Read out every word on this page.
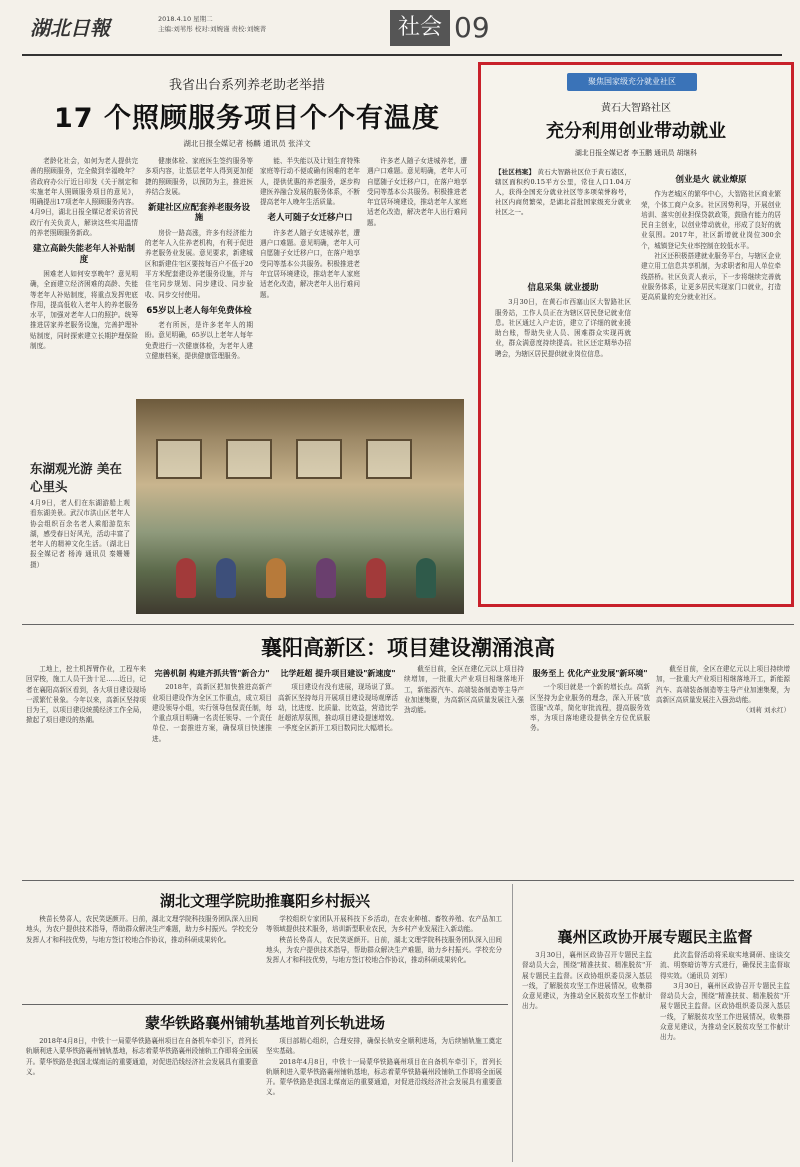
湖北日報	2018.4.10 星期二
主编:刘苇彤 校对:刘婉谨 责校:刘婉菁	社会 09
我省出台系列养老助老举措
17 个照顾服务项目个个有温度
湖北日报全媒记者 杨麟 通讯员 张洋文

老龄化社会，如何为老人提供完善的照顾服务，完全做到幸福晚年？省政府办公厅近日印发《关于制定和实施老年人照顾服务项目的意见》，明确提出17项老年人照顾服务内容。4月9日，湖北日报全媒记者采访省民政厅有关负责人，解读这些实用温情的养老照顾服务新政。

建立高龄失能老年人补贴制度

困难老人如何安享晚年？意见明确，全面建立经济困难的高龄、失能等老年人补贴制度，将重点发挥兜底作用，提高低收入老年人的养老服务水平，加强对老年人口的照护。统筹推进居家养老服务设施，完善护理补贴制度，同时探索建立长期护理保险制度。

健康体检、家庭医生签约服务等多项内容，让基层老年人得到更加便捷的照顾服务，以预防为主，推进医养结合发展。

新建社区应配套养老服务设施

房价一路高涨，许多有经济能力的老年人入住养老机构，有利于促进养老服务业发展。意见要求，新建城区和新建住宅区要按每百户不低于20平方米配套建设养老服务设施，并与住宅同步规划、同步建设、同步验收、同步交付使用。

65岁以上老人每年免费体检

老有所医，是许多老年人的期盼。意见明确，65岁以上老年人每年免费进行一次健康体检，为老年人建立健康档案，提供健康管理服务。

能、半失能以及计划生育特殊家庭等行动不便或确有困难的老年人，提供优惠的养老服务，逐步构建医养融合发展的服务体系，不断提高老年人晚年生活质量。

老人可随子女迁移户口

许多老人随子女进城养老，遭遇户口难题。意见明确，老年人可自愿随子女迁移户口，在落户地享受同等基本公共服务。积极推进老年宜居环境建设，推动老年人家庭适老化改造，解决老年人出行难问题。

许多老人随子女进城养老，遭遇户口难题。意见明确，老年人可自愿随子女迁移户口，在落户地享受同等基本公共服务。积极推进老年宜居环境建设，推动老年人家庭适老化改造，解决老年人出行难问题。

东湖观光游 美在心里头
4月9日，老人们在东湖游船上观看东湖美景。武汉市洪山区老年人协会组织百余名老人乘船游览东湖，感受春日好风光，活动丰富了老年人的精神文化生活。（湖北日报全媒记者 杨涛 通讯员 秦姗姗 摄）
聚焦国家级充分就业社区
黄石大智路社区
充分利用创业带动就业
湖北日报全媒记者 李玉鹏 通讯员 胡继科
【社区档案】 黄石大智路社区位于黄石港区，辖区面积约0.15平方公里，常住人口1.04万人，获得全国充分就业社区等多项荣誉称号，社区内商贸繁荣，是湖北首批国家级充分就业社区之一。
信息采集 就业援助

3月30日，在黄石市西塞山区大智路社区服务站，工作人员正在为辖区居民登记就业信息。社区通过入户走访，建立了详细的就业援助台账，帮助失业人员、困难群众实现再就业，群众满意度持续提高。社区还定期举办招聘会，为辖区居民提供就业岗位信息。

创业是火 就业燎原

作为老城区的繁华中心，大智路社区商业繁荣，个体工商户众多。社区因势利导，开展创业培训、落实创业担保贷款政策，鼓励有能力的居民自主创业，以创业带动就业，形成了良好的就业氛围。2017年，社区新增就业岗位300余个，城镇登记失业率控制在较低水平。

社区还积极搭建就业服务平台，与辖区企业建立用工信息共享机制，为求职者和用人单位牵线搭桥。社区负责人表示，下一步将继续完善就业服务体系，让更多居民实现家门口就业，打造更高质量的充分就业社区。

襄阳高新区：项目建设潮涌浪高

工地上，挖土机挥臂作业，工程车来回穿梭，施工人员干劲十足……近日，记者在襄阳高新区看到，各大项目建设现场一派繁忙景象。今年以来，高新区坚持项目为王，以项目建设统揽经济工作全局，掀起了项目建设的热潮。

完善机制 构建齐抓共管"新合力"

2018年，高新区把加快推进高新产业项目建设作为全区工作重点，成立项目建设领导小组，实行领导包保责任制，每个重点项目明确一名责任领导、一个责任单位、一套推进方案，确保项目快速推进。

比学赶超 提升项目建设"新速度"

项目建设有没有进展，现场说了算。高新区坚持每月开展项目建设现场观摩活动，比进度、比质量、比效益，营造比学赶超浓厚氛围，推动项目建设提速增效。一季度全区新开工项目数同比大幅增长。

截至目前，全区在建亿元以上项目持续增加，一批重大产业项目相继落地开工，新能源汽车、高端装备制造等主导产业加速集聚，为高新区高质量发展注入强劲动能。

服务至上 优化产业发展"新环境"

一个项目就是一个新的增长点。高新区坚持为企业服务的理念，深入开展"放管服"改革，简化审批流程，提高服务效率，为项目落地建设提供全方位优质服务。

截至目前，全区在建亿元以上项目持续增加，一批重大产业项目相继落地开工，新能源汽车、高端装备制造等主导产业加速集聚，为高新区高质量发展注入强劲动能。

（刘莉 刘永红）
湖北文理学院助推襄阳乡村振兴

秧苗长势喜人，农民笑逐颜开。日前，湖北文理学院科技服务团队深入田间地头，为农户提供技术指导，帮助群众解决生产难题，助力乡村振兴。学校充分发挥人才和科技优势，与地方签订校地合作协议，推动科研成果转化。

学校组织专家团队开展科技下乡活动，在农业种植、畜牧养殖、农产品加工等领域提供技术服务，培训新型职业农民，为乡村产业发展注入新动能。

秧苗长势喜人，农民笑逐颜开。日前，湖北文理学院科技服务团队深入田间地头，为农户提供技术指导，帮助群众解决生产难题，助力乡村振兴。学校充分发挥人才和科技优势，与地方签订校地合作协议，推动科研成果转化。

蒙华铁路襄州铺轨基地首列长轨进场

2018年4月8日，中铁十一局蒙华铁路襄州项目在自备机车牵引下，首列长轨顺利进入蒙华铁路襄州铺轨基地，标志着蒙华铁路襄州段铺轨工作即将全面展开。蒙华铁路是我国北煤南运的重要通道，对促进沿线经济社会发展具有重要意义。

项目部精心组织，合理安排，确保长轨安全顺利进场，为后续铺轨施工奠定坚实基础。

2018年4月8日，中铁十一局蒙华铁路襄州项目在自备机车牵引下，首列长轨顺利进入蒙华铁路襄州铺轨基地，标志着蒙华铁路襄州段铺轨工作即将全面展开。蒙华铁路是我国北煤南运的重要通道，对促进沿线经济社会发展具有重要意义。

襄州区政协开展专题民主监督

3月30日，襄州区政协召开专题民主监督动员大会，围绕"精准扶贫、精准脱贫"开展专题民主监督。区政协组织委员深入基层一线，了解脱贫攻坚工作进展情况，收集群众意见建议，为推动全区脱贫攻坚工作献计出力。

此次监督活动将采取实地调研、座谈交流、明察暗访等方式进行，确保民主监督取得实效。（通讯员 刘军）

3月30日，襄州区政协召开专题民主监督动员大会，围绕"精准扶贫、精准脱贫"开展专题民主监督。区政协组织委员深入基层一线，了解脱贫攻坚工作进展情况，收集群众意见建议，为推动全区脱贫攻坚工作献计出力。
